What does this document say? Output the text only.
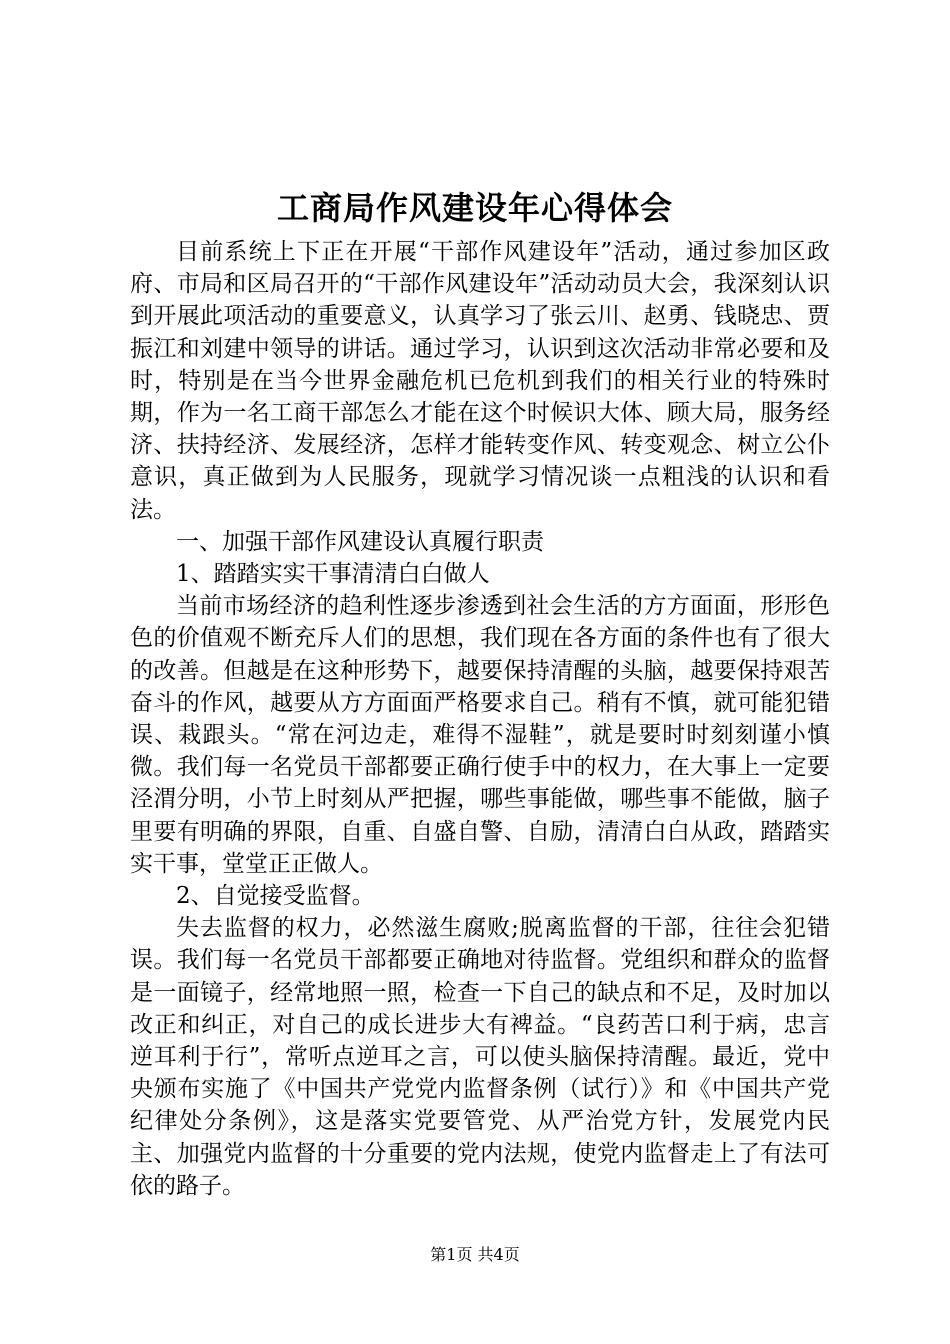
工商局作风建设年心得体会

目前系统上下正在开展“干部作风建设年”活动，通过参加区政府、市局和区局召开的“干部作风建设年”活动动员大会，我深刻认识到开展此项活动的重要意义，认真学习了张云川、赵勇、钱晓忠、贾振江和刘建中领导的讲话。通过学习，认识到这次活动非常必要和及时，特别是在当今世界金融危机已危机到我们的相关行业的特殊时期，作为一名工商干部怎么才能在这个时候识大体、顾大局，服务经济、扶持经济、发展经济，怎样才能转变作风、转变观念、树立公仆意识，真正做到为人民服务，现就学习情况谈一点粗浅的认识和看法。

一、加强干部作风建设认真履行职责

1、踏踏实实干事清清白白做人

当前市场经济的趋利性逐步渗透到社会生活的方方面面，形形色色的价值观不断充斥人们的思想，我们现在各方面的条件也有了很大的改善。但越是在这种形势下，越要保持清醒的头脑，越要保持艰苦奋斗的作风，越要从方方面面严格要求自己。稍有不慎，就可能犯错误、栽跟头。“常在河边走，难得不湿鞋”，就是要时时刻刻谨小慎微。我们每一名党员干部都要正确行使手中的权力，在大事上一定要泾渭分明，小节上时刻从严把握，哪些事能做，哪些事不能做，脑子里要有明确的界限，自重、自盛自警、自励，清清白白从政，踏踏实实干事，堂堂正正做人。

2、自觉接受监督。

失去监督的权力，必然滋生腐败;脱离监督的干部，往往会犯错误。我们每一名党员干部都要正确地对待监督。党组织和群众的监督是一面镜子，经常地照一照，检查一下自己的缺点和不足，及时加以改正和纠正，对自己的成长进步大有裨益。“良药苦口利于病，忠言逆耳利于行”，常听点逆耳之言，可以使头脑保持清醒。最近，党中央颁布实施了《中国共产党党内监督条例（试行）》和《中国共产党纪律处分条例》，这是落实党要管党、从严治党方针，发展党内民主、加强党内监督的十分重要的党内法规，使党内监督走上了有法可依的路子。

第1页 共4页
